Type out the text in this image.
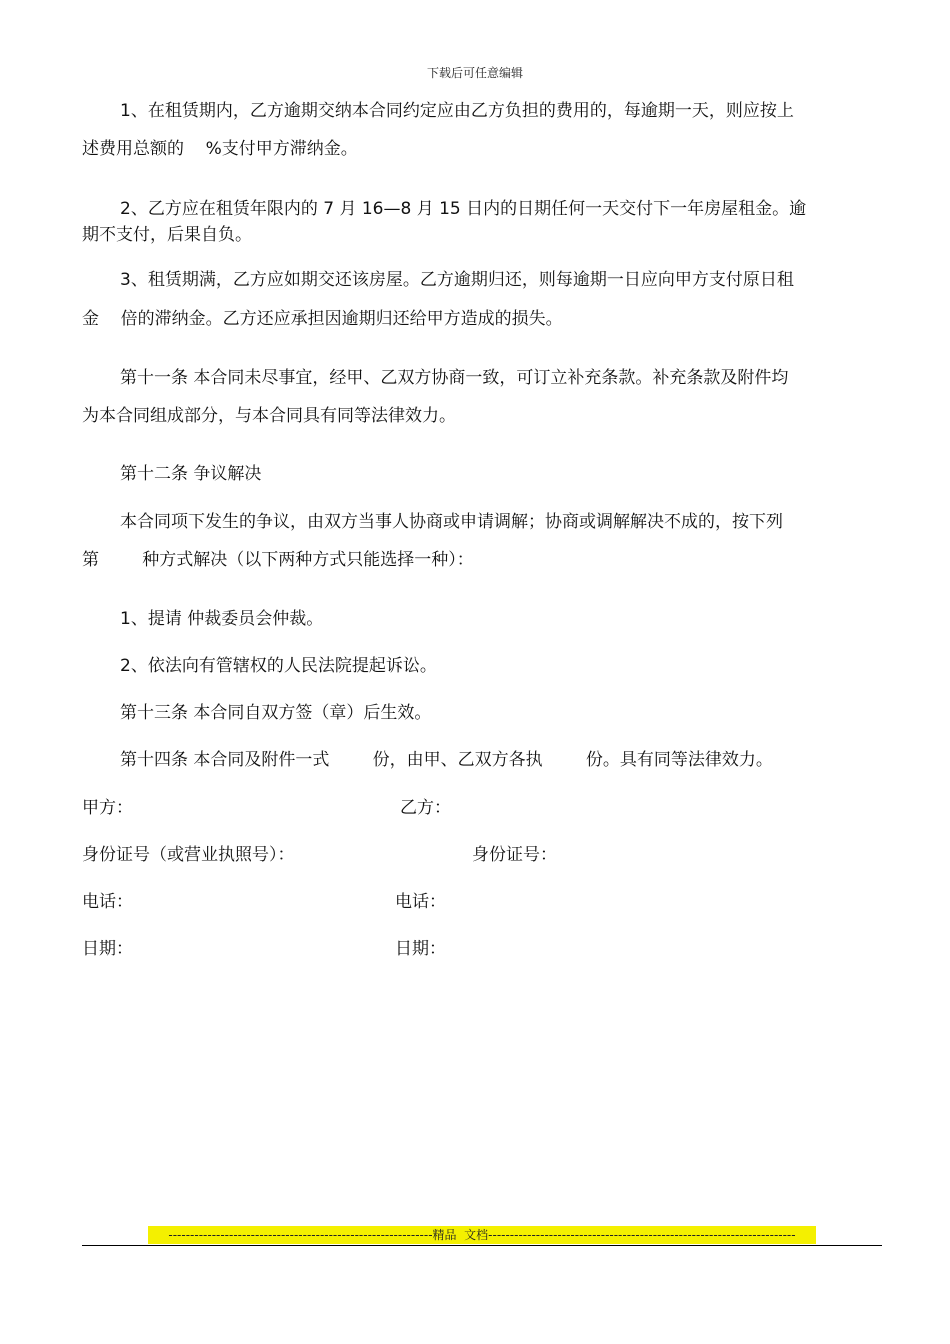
下载后可任意编辑

1、在租赁期内，乙方逾期交纳本合同约定应由乙方负担的费用的，每逾期一天，则应按上

述费用总额的    %支付甲方滞纳金。

2、乙方应在租赁年限内的 7 月 16—8 月 15 日内的日期任何一天交付下一年房屋租金。逾

期不支付，后果自负。

3、租赁期满，乙方应如期交还该房屋。乙方逾期归还，则每逾期一日应向甲方支付原日租

金    倍的滞纳金。乙方还应承担因逾期归还给甲方造成的损失。

第十一条 本合同未尽事宜，经甲、乙双方协商一致，可订立补充条款。补充条款及附件均

为本合同组成部分，与本合同具有同等法律效力。

第十二条 争议解决

本合同项下发生的争议，由双方当事人协商或申请调解；协商或调解解决不成的，按下列

第        种方式解决（以下两种方式只能选择一种）：

1、提请 仲裁委员会仲裁。

2、依法向有管辖权的人民法院提起诉讼。

第十三条 本合同自双方签（章）后生效。

第十四条 本合同及附件一式        份，由甲、乙双方各执        份。具有同等法律效力。

甲方：	乙方：
身份证号（或营业执照号）：	身份证号：
电话：	电话：
日期：	日期：
-------------------------------------------------------------精品  文档-----------------------------------------------------------------------
